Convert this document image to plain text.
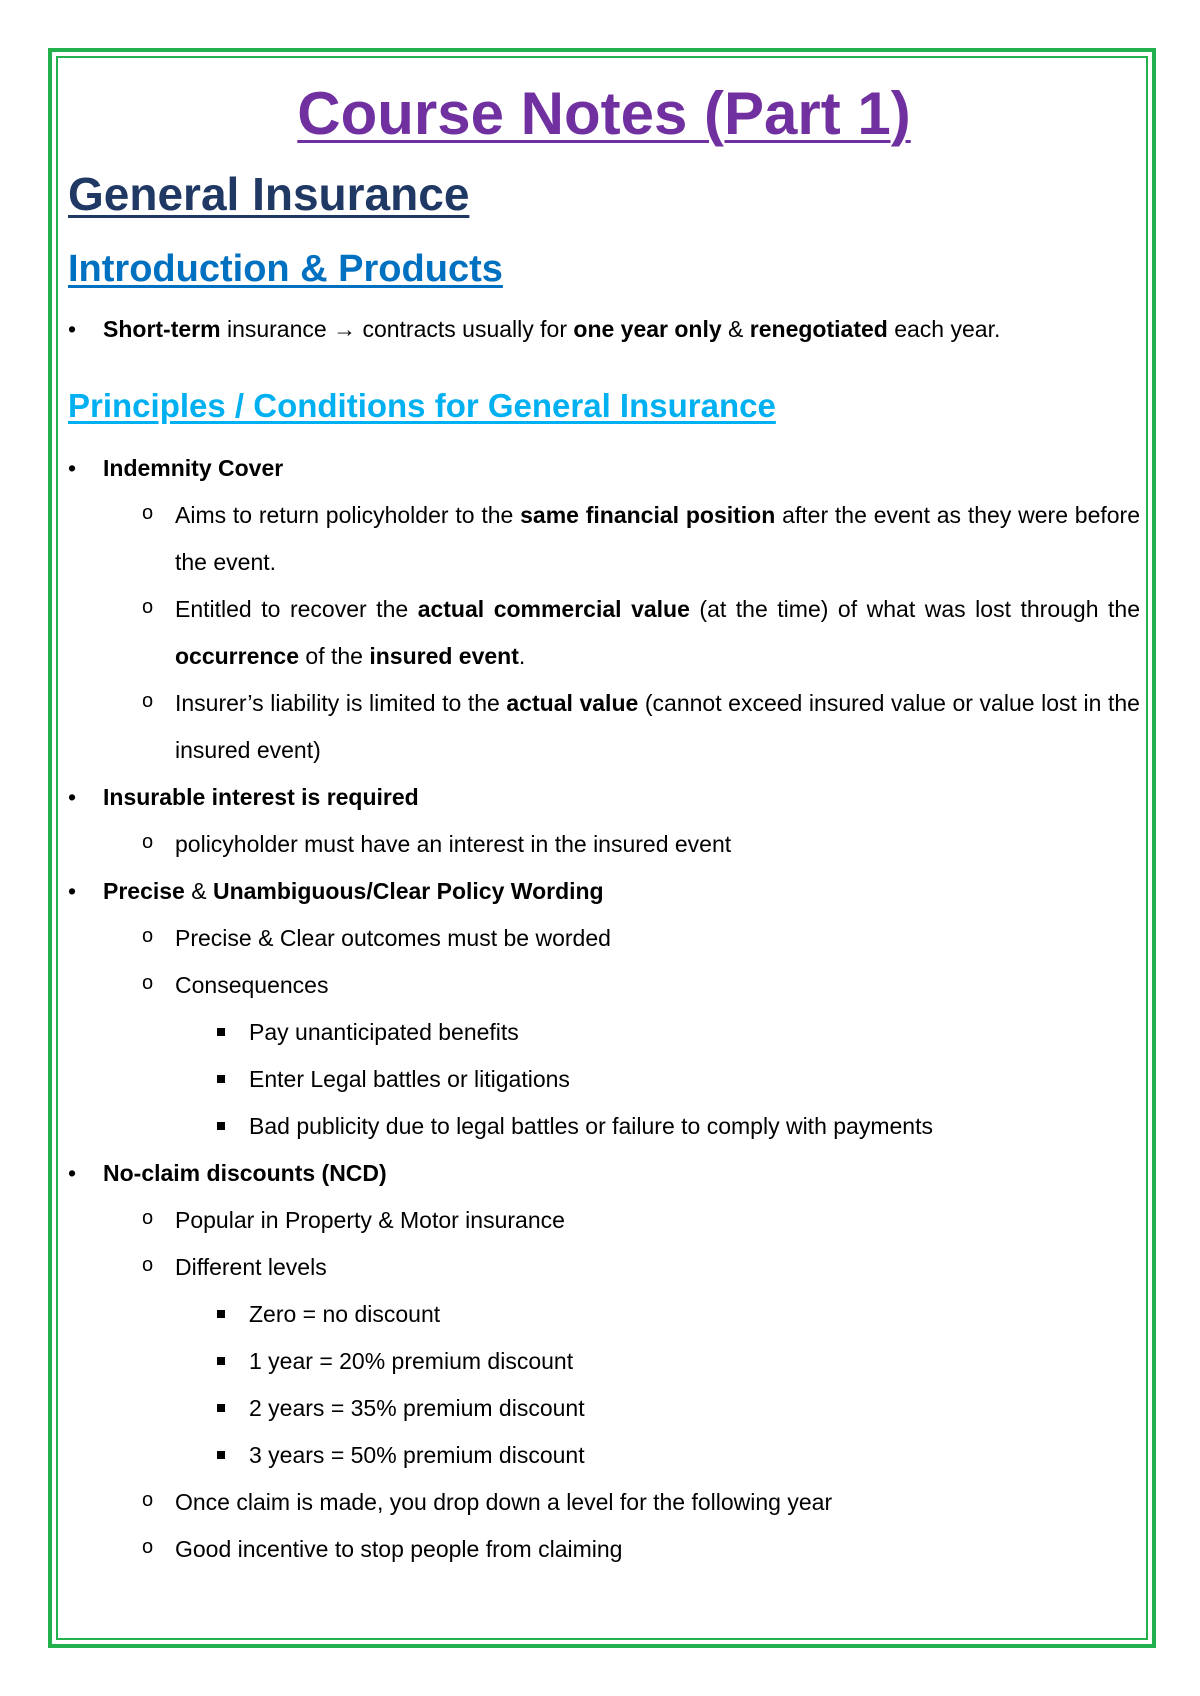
Course Notes (Part 1)
General Insurance
Introduction & Products
• Short-term insurance → contracts usually for one year only & renegotiated each year.
Principles / Conditions for General Insurance
• Indemnity Cover
o Aims to return policyholder to the same financial position after the event as they were before the event.
o Entitled to recover the actual commercial value (at the time) of what was lost through the occurrence of the insured event.
o Insurer’s liability is limited to the actual value (cannot exceed insured value or value lost in the insured event)
• Insurable interest is required
o policyholder must have an interest in the insured event
• Precise & Unambiguous/Clear Policy Wording
o Precise & Clear outcomes must be worded
o Consequences
Pay unanticipated benefits
Enter Legal battles or litigations
Bad publicity due to legal battles or failure to comply with payments
• No-claim discounts (NCD)
o Popular in Property & Motor insurance
o Different levels
Zero = no discount
1 year = 20% premium discount
2 years = 35% premium discount
3 years = 50% premium discount
o Once claim is made, you drop down a level for the following year
o Good incentive to stop people from claiming
